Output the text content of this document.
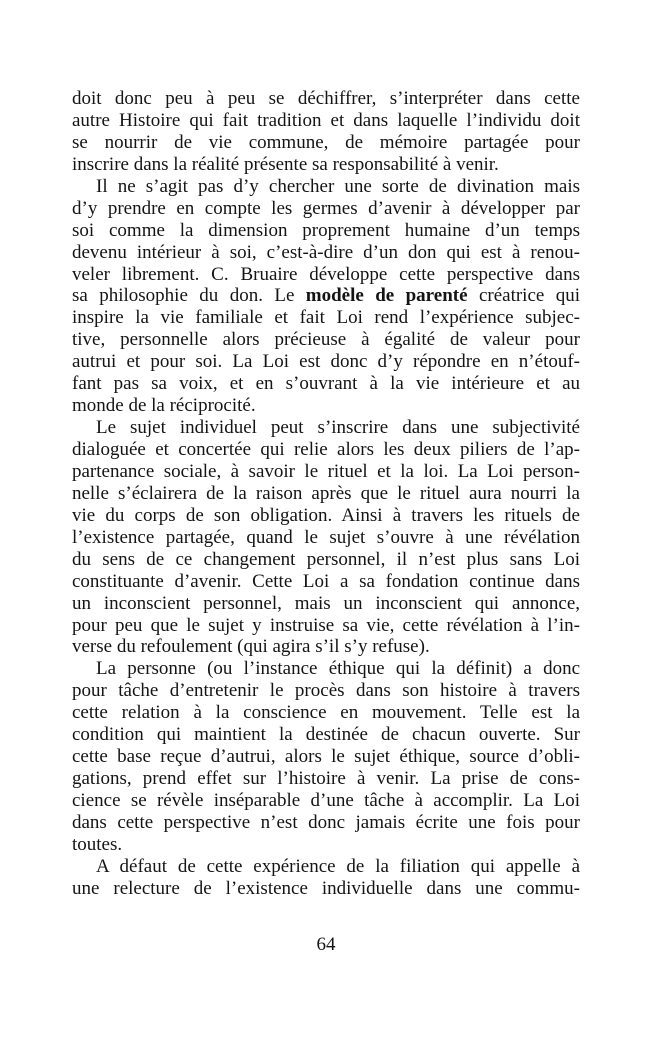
doit donc peu à peu se déchiffrer, s’interpréter dans cette
autre Histoire qui fait tradition et dans laquelle l’individu doit
se nourrir de vie commune, de mémoire partagée pour
inscrire dans la réalité présente sa responsabilité à venir.
Il ne s’agit pas d’y chercher une sorte de divination mais
d’y prendre en compte les germes d’avenir à développer par
soi comme la dimension proprement humaine d’un temps
devenu intérieur à soi, c’est-à-dire d’un don qui est à renou-
veler librement. C. Bruaire développe cette perspective dans
sa philosophie du don. Le modèle de parenté créatrice qui
inspire la vie familiale et fait Loi rend l’expérience subjec-
tive, personnelle alors précieuse à égalité de valeur pour
autrui et pour soi. La Loi est donc d’y répondre en n’étouf-
fant pas sa voix, et en s’ouvrant à la vie intérieure et au
monde de la réciprocité.
Le sujet individuel peut s’inscrire dans une subjectivité
dialoguée et concertée qui relie alors les deux piliers de l’ap-
partenance sociale, à savoir le rituel et la loi. La Loi person-
nelle s’éclairera de la raison après que le rituel aura nourri la
vie du corps de son obligation. Ainsi à travers les rituels de
l’existence partagée, quand le sujet s’ouvre à une révélation
du sens de ce changement personnel, il n’est plus sans Loi
constituante d’avenir. Cette Loi a sa fondation continue dans
un inconscient personnel, mais un inconscient qui annonce,
pour peu que le sujet y instruise sa vie, cette révélation à l’in-
verse du refoulement (qui agira s’il s’y refuse).
La personne (ou l’instance éthique qui la définit) a donc
pour tâche d’entretenir le procès dans son histoire à travers
cette relation à la conscience en mouvement. Telle est la
condition qui maintient la destinée de chacun ouverte. Sur
cette base reçue d’autrui, alors le sujet éthique, source d’obli-
gations, prend effet sur l’histoire à venir. La prise de cons-
cience se révèle inséparable d’une tâche à accomplir. La Loi
dans cette perspective n’est donc jamais écrite une fois pour
toutes.
A défaut de cette expérience de la filiation qui appelle à
une relecture de l’existence individuelle dans une commu-
64
